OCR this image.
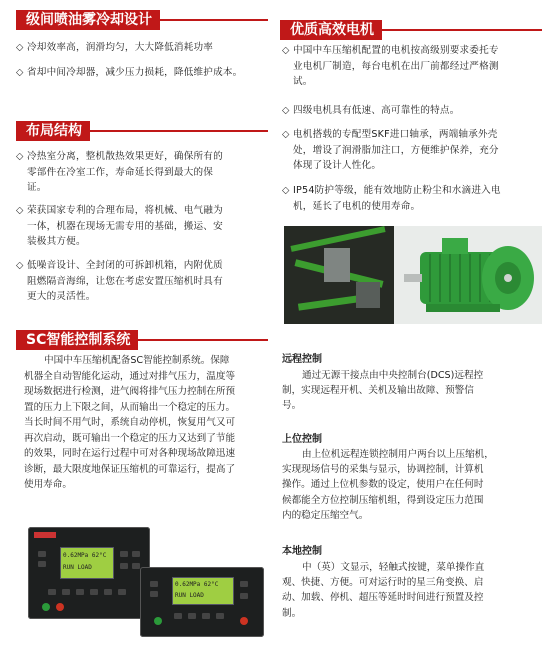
级间喷油雾冷却设计
◇ 冷却效率高，润滑均匀，大大降低消耗功率
◇ 省却中间冷却器，减少压力损耗，降低维护成本。
布局结构
◇ 冷热室分离，整机散热效果更好，确保所有的
零部件在冷室工作，寿命延长得到最大的保
证。
◇ 荣获国家专利的合理布局，将机械、电气融为
一体，机器在现场无需专用的基础，搬运、安
装极其方便。
◇ 低噪音设计、全封闭的可拆卸机箱，内附优质
阻燃隔音海绵，让您在考虑安置压缩机时具有
更大的灵活性。
SC智能控制系统
中国中车压缩机配备SC智能控制系统。保障
机器全自动智能化运动，通过对排气压力，温度等
现场数据进行检测，进气阀将排气压力控制在所预
置的压力上下限之间，从而输出一个稳定的压力。
当长时间不用气时，系统自动停机，恢复用气又可
再次启动，既可输出一个稳定的压力又达到了节能
的效果，同时在运行过程中可对各种现场故障迅速
诊断，最大限度地保证压缩机的可靠运行，提高了
使用寿命。
0.62MPa 62°C
RUN LOAD
0.62MPa 62°C
RUN LOAD
优质高效电机
◇ 中国中车压缩机配置的电机按高级别要求委托专
业电机厂制造，每台电机在出厂前都经过严格测
试。
◇ 四级电机具有低速、高可靠性的特点。
◇ 电机搭载的专配型SKF进口轴承，两端轴承外壳
处，增设了润滑脂加注口，方便维护保养，充分
体现了设计人性化。
◇ IP54防护等级，能有效地防止粉尘和水滴进入电
机，延长了电机的使用寿命。
远程控制
通过无源干接点由中央控制台(DCS)远程控
制，实现远程开机、关机及输出故障、预警信
号。
上位控制
由上位机远程连锁控制用户两台以上压缩机，
实现现场信号的采集与显示，协调控制，计算机
操作。通过上位机参数的设定，使用户在任何时
候都能全方位控制压缩机组，得到设定压力范围
内的稳定压缩空气。
本地控制
中（英）文显示，轻触式按键，菜单操作直
观、快捷、方便。可对运行时的星三角变换、启
动、加载、停机、超压等延时时间进行预置及控
制。
